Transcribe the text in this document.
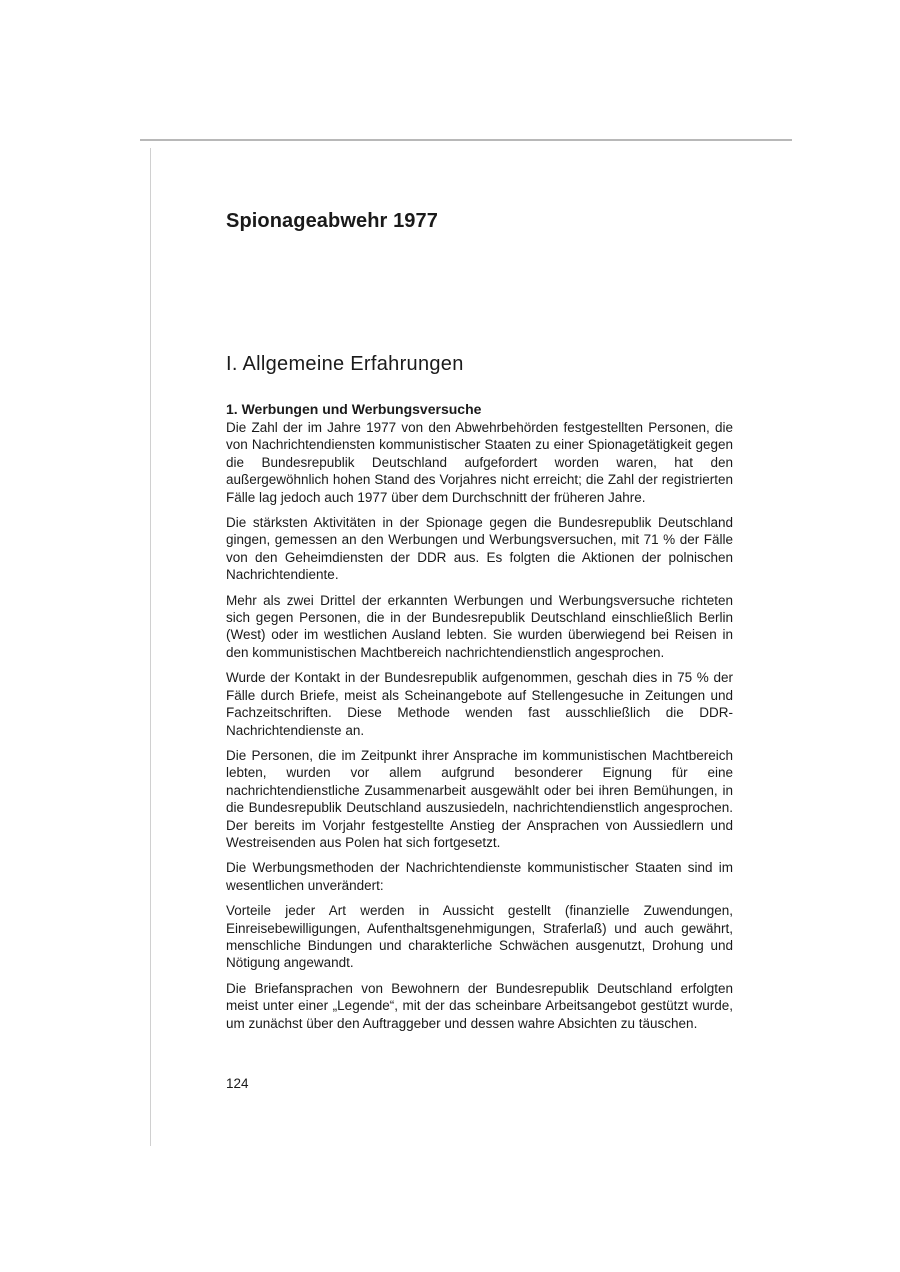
Spionageabwehr 1977
I. Allgemeine Erfahrungen
1. Werbungen und Werbungsversuche

Die Zahl der im Jahre 1977 von den Abwehrbehörden festgestellten Personen, die von Nachrichtendiensten kommunistischer Staaten zu einer Spionagetätigkeit gegen die Bundesrepublik Deutschland aufgefordert worden waren, hat den außergewöhnlich hohen Stand des Vorjahres nicht erreicht; die Zahl der registrierten Fälle lag jedoch auch 1977 über dem Durchschnitt der früheren Jahre.

Die stärksten Aktivitäten in der Spionage gegen die Bundesrepublik Deutschland gingen, gemessen an den Werbungen und Werbungsversuchen, mit 71 % der Fälle von den Geheimdiensten der DDR aus. Es folgten die Aktionen der polnischen Nachrichtendiente.

Mehr als zwei Drittel der erkannten Werbungen und Werbungsversuche richteten sich gegen Personen, die in der Bundesrepublik Deutschland einschließlich Berlin (West) oder im westlichen Ausland lebten. Sie wurden überwiegend bei Reisen in den kommunistischen Machtbereich nachrichtendienstlich angesprochen.

Wurde der Kontakt in der Bundesrepublik aufgenommen, geschah dies in 75 % der Fälle durch Briefe, meist als Scheinangebote auf Stellengesuche in Zeitungen und Fachzeitschriften. Diese Methode wenden fast ausschließlich die DDR-Nachrichtendienste an.

Die Personen, die im Zeitpunkt ihrer Ansprache im kommunistischen Machtbereich lebten, wurden vor allem aufgrund besonderer Eignung für eine nachrichtendienstliche Zusammenarbeit ausgewählt oder bei ihren Bemühungen, in die Bundesrepublik Deutschland auszusiedeln, nachrichtendienstlich angesprochen. Der bereits im Vorjahr festgestellte Anstieg der Ansprachen von Aussiedlern und Westreisenden aus Polen hat sich fortgesetzt.

Die Werbungsmethoden der Nachrichtendienste kommunistischer Staaten sind im wesentlichen unverändert:

Vorteile jeder Art werden in Aussicht gestellt (finanzielle Zuwendungen, Einreisebewilligungen, Aufenthaltsgenehmigungen, Straferlaß) und auch gewährt, menschliche Bindungen und charakterliche Schwächen ausgenutzt, Drohung und Nötigung angewandt.

Die Briefansprachen von Bewohnern der Bundesrepublik Deutschland erfolgten meist unter einer „Legende“, mit der das scheinbare Arbeitsangebot gestützt wurde, um zunächst über den Auftraggeber und dessen wahre Absichten zu täuschen.

124
